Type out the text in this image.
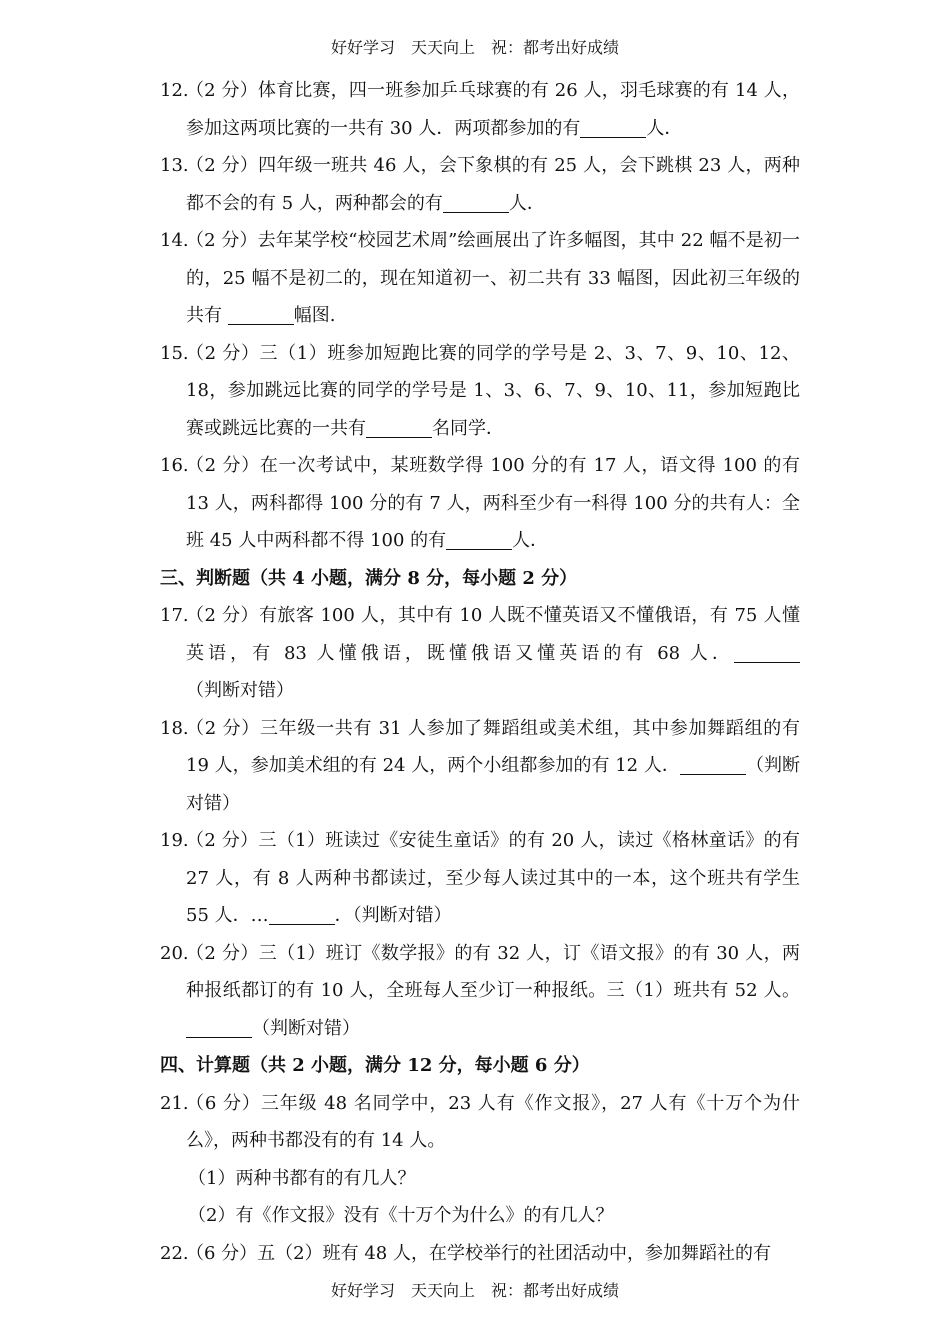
好好学习　天天向上　祝：都考出好成绩
12.
（2 分）体育比赛，四一班参加乒乓球赛的有 26 人，羽毛球赛的有 14 人，参加这两项比赛的一共有 30 人．两项都参加的有	人．
13.
（2 分）四年级一班共 46 人，会下象棋的有 25 人，会下跳棋 23 人，两种都不会的有 5 人，两种都会的有	人．
14.
（2 分）去年某学校“校园艺术周”绘画展出了许多幅图，其中 22 幅不是初一的，25 幅不是初二的，现在知道初一、初二共有 33 幅图，因此初三年级的共有	幅图.
15.
（2 分）三（1）班参加短跑比赛的同学的学号是 2、3、7、9、10、12、18，参加跳远比赛的同学的学号是 1、3、6、7、9、10、11，参加短跑比赛或跳远比赛的一共有	名同学．
16.
（2 分）在一次考试中，某班数学得 100 分的有 17 人，语文得 100 的有 13 人，两科都得 100 分的有 7 人，两科至少有一科得 100 分的共有人：全班 45 人中两科都不得 100 的有	人．
三、判断题（共 4 小题，满分 8 分，每小题 2 分）
17.
（2 分）有旅客 100 人，其中有 10 人既不懂英语又不懂俄语，有 75 人懂英语，有 83 人懂俄语，既懂俄语又懂英语的有 68 人．（判断对错）
18.
（2 分）三年级一共有 31 人参加了舞蹈组或美术组，其中参加舞蹈组的有 19 人，参加美术组的有 24 人，两个小组都参加的有 12 人．	（判断对错）
19.
（2 分）三（1）班读过《安徒生童话》的有 20 人，读过《格林童话》的有 27 人，有 8 人两种书都读过，至少每人读过其中的一本，这个班共有学生 55 人．…	．（判断对错）
20.
（2 分）三（1）班订《数学报》的有 32 人，订《语文报》的有 30 人，两种报纸都订的有 10 人，全班每人至少订一种报纸。三（1）班共有 52 人。 （判断对错）
四、计算题（共 2 小题，满分 12 分，每小题 6 分）
21.
（6 分）三年级 48 名同学中，23 人有《作文报》，27 人有《十万个为什么》，两种书都没有的有 14 人。
（1）两种书都有的有几人？
（2）有《作文报》没有《十万个为什么》的有几人？
22.
（6 分）五（2）班有 48 人，在学校举行的社团活动中，参加舞蹈社的有
好好学习　天天向上　祝：都考出好成绩
